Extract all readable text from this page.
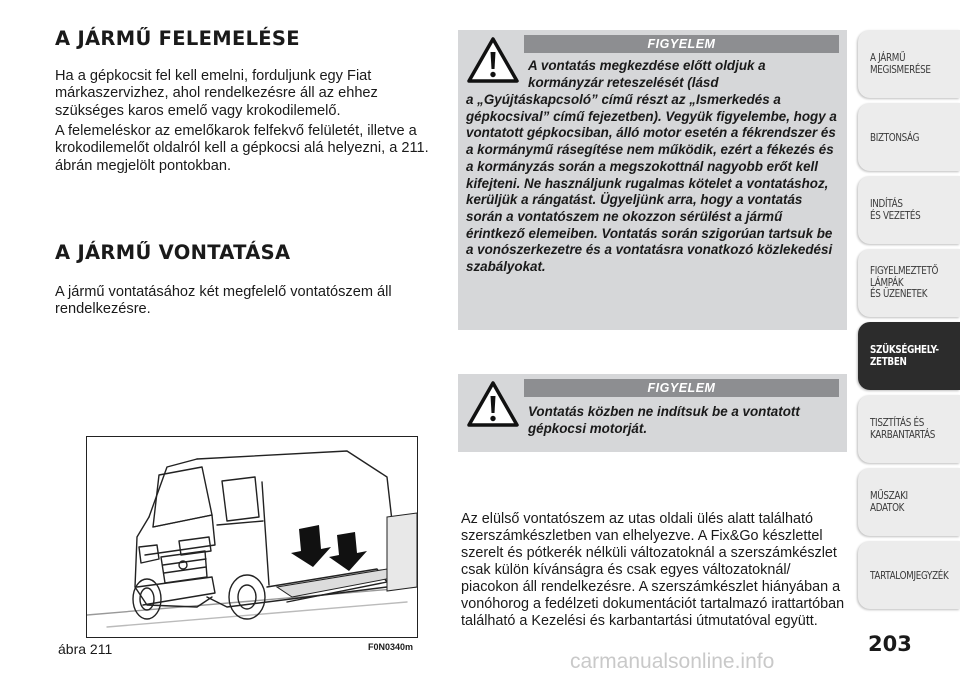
A JÁRMŰ FELEMELÉSE

Ha a gépkocsit fel kell emelni, forduljunk egy Fiat márkaszervizhez, ahol rendelkezésre áll az ehhez szükséges karos emelő vagy krokodilemelő.

A felemeléskor az emelőkarok felfekvő felületét, illetve a krokodilemelőt oldalról kell a gépkocsi alá helyezni, a 211. ábrán megjelölt pontokban.

A JÁRMŰ VONTATÁSA

A jármű vontatásához két megfelelő vontatószem áll rendelkezésre.

ábra 211	F0N0340m
FIGYELEM
A vontatás megkezdése előtt oldjuk a kormányzár reteszelését (lásd
a „Gyújtáskapcsoló” című részt az „Ismerkedés a gépkocsival” című fejezetben). Vegyük figyelembe, hogy a vontatott gépkocsiban, álló motor esetén a fékrendszer és a kormánymű rásegítése nem működik, ezért a fékezés és a kormányzás során a megszokottnál nagyobb erőt kell kifejteni. Ne használjunk rugalmas kötelet a vontatáshoz, kerüljük a rángatást. Ügyeljünk arra, hogy a vontatás során a vontatószem ne okozzon sérülést a jármű érintkező elemeiben. Vontatás során szigorúan tartsuk be a vonószerkezetre és a vontatásra vonatkozó közlekedési szabályokat.
FIGYELEM
Vontatás közben ne indítsuk be a vontatott gépkocsi motorját.

Az elülső vontatószem az utas oldali ülés alatt található szerszámkészletben van elhelyezve. A Fix&Go készlettel szerelt és pótkerék nélküli változatoknál a szerszámkészlet csak külön kívánságra és csak egyes változatoknál/ piacokon áll rendelkezésre. A szerszámkészlet hiányában a vonóhorog a fedélzeti dokumentációt tartalmazó irattartóban található a Kezelési és karbantartási útmutatóval együtt.

A JÁRMŰ
MEGISMERÉSE
BIZTONSÁG
INDÍTÁS
ÉS VEZETÉS
FIGYELMEZTETŐ
LÁMPÁK
ÉS ÜZENETEK
SZÜKSÉGHELY-
ZETBEN
TISZTÍTÁS ÉS
KARBANTARTÁS
MŰSZAKI
ADATOK
TARTALOMJEGYZÉK
203
carmanualsonline.info
